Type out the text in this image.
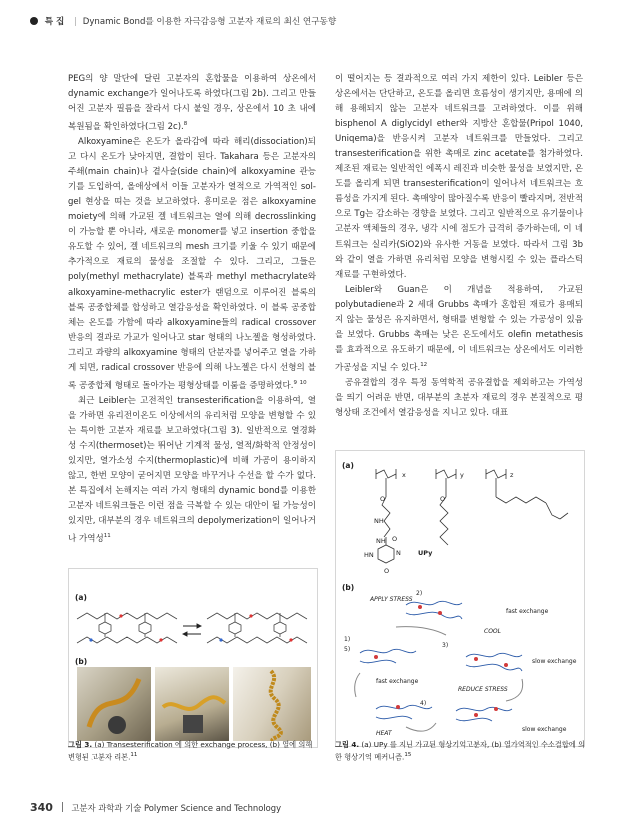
특 집 | Dynamic Bond를 이용한 자극감응형 고분자 재료의 최신 연구동향

PEG의 양 말단에 달린 고분자의 혼합물을 이용하여 상온에서 dynamic exchange가 일어나도록 하였다(그림 2b). 그리고 만들어진 고분자 필름을 잘라서 다시 붙일 경우, 상온에서 10 초 내에 복원됨을 확인하였다(그림 2c).$^8$

Alkoxyamine은 온도가 올라감에 따라 해리(dissociation)되고 다시 온도가 낮아지면, 결합이 된다. Takahara 등은 고분자의 주쇄(main chain)나 곁사슬(side chain)에 alkoxyamine 관능기를 도입하여, 올애상에서 이들 고분자가 열적으로 가역적인 sol-gel 현상을 띠는 것을 보고하였다. 흥미로운 점은 alkoxyamine moiety에 의해 가교된 겔 네트워크는 열에 의해 decrosslinking이 가능할 뿐 아니라, 새로운 monomer를 넣고 insertion 중합을 유도할 수 있어, 겔 네트워크의 mesh 크기를 키울 수 있기 때문에 추가적으로 재료의 물성을 조절할 수 있다. 그리고, 그들은 poly(methyl methacrylate) 블록과 methyl methacrylate와 alkoxyamine-methacrylic ester가 랜덤으로 이루어진 블록의 블록 공중합체를 합성하고 열감응성을 확인하였다. 이 블록 공중합체는 온도를 가함에 따라 alkoxyamine들의 radical crossover 반응의 결과로 가교가 일어나고 star 형태의 나노젤을 형성하였다. 그리고 과량의 alkoxyamine 형태의 단분자를 넣어주고 열을 가하게 되면, radical crossover 반응에 의해 나노젤은 다시 선형의 블록 공중합체 형태로 돌아가는 평형상태를 이룸을 증명하였다.$^9$ $^{10}$

최근 Leibler는 고전적인 transesterification을 이용하여, 열을 가하면 유리전이온도 이상에서의 유리처럼 모양을 변형할 수 있는 특이한 고분자 재료를 보고하였다(그림 3). 일반적으로 열경화성 수지(thermoset)는 뛰어난 기계적 물성, 열적/화학적 안정성이 있지만, 열가소성 수지(thermoplastic)에 비해 가공이 용이하지 않고, 한번 모양이 굳어지면 모양을 바꾸거나 수선을 할 수가 없다. 본 특집에서 논해지는 여러 가지 형태의 dynamic bond를 이용한 고분자 네트워크들은 이런 점을 극복할 수 있는 대안이 될 가능성이 있지만, 대부분의 경우 네트워크의 depolymerization이 일어나거나 가역성$^{11}$

이 떨어지는 등 결과적으로 여러 가지 제한이 있다. Leibler 등은 상온에서는 단단하고, 온도를 올리면 흐름성이 생기지만, 용매에 의해 용해되지 않는 고분자 네트워크를 고려하였다. 이를 위해 bisphenol A diglycidyl ether와 지방산 혼합물(Pripol 1040, Uniqema)을 반응시켜 고분자 네트워크를 만들었다. 그리고 transesterification을 위한 촉매로 zinc acetate를 첨가하였다. 제조된 재료는 일반적인 에폭시 레진과 비슷한 물성을 보였지만, 온도를 올리게 되면 transesterification이 일어나서 네트워크는 흐름성을 가지게 된다. 촉매양이 많아질수록 반응이 빨라지며, 전반적으로 Tg는 감소하는 경향을 보였다. 그리고 일반적으로 유기물이나 고분자 액체들의 경우, 냉각 시에 점도가 급격히 증가하는데, 이 네트워크는 실리카(SiO2)와 유사한 거동을 보였다. 따라서 그림 3b와 같이 열을 가하면 유리처럼 모양을 변형시킬 수 있는 플라스틱 재료를 구현하였다.

Leibler와 Guan은 이 개념을 적용하여, 가교된 polybutadiene과 2 세대 Grubbs 촉매가 혼합된 재료가 용매되지 않는 물성은 유지하면서, 형태를 변형할 수 있는 가공성이 있음을 보였다. Grubbs 촉매는 낮은 온도에서도 olefin metathesis 를 효과적으로 유도하기 때문에, 이 네트워크는 상온에서도 이러한 가공성을 지닐 수 있다.$^{12}$

공유결합의 경우 특정 동역학적 공유결합을 제외하고는 가역성을 띄기 어려운 반면, 대부분의 초분자 재료의 경우 본질적으로 평형상태 조건에서 열감응성을 지니고 있다. 대표

(a)
(b)
그림 3. (a) Transesterification 에 의한 exchange process, (b) 열에 의해 변형된 고분자 리본.$^{11}$
(a)
x	y	z
O	O
NH
O
NH
HN	N
O
UPy
(b)
2)
APPLY STRESS
fast exchange
COOL
1)
5)
3)
slow exchange
fast exchange
REDUCE STRESS
4)
HEAT
slow exchange
그림 4. (a) UPy 를 지닌 가교된 형상기억고분자, (b) 열가역적인 수소결합에 의한 형상기억 메커니즘.$^{15}$
340 고분자 과학과 기술 Polymer Science and Technology
